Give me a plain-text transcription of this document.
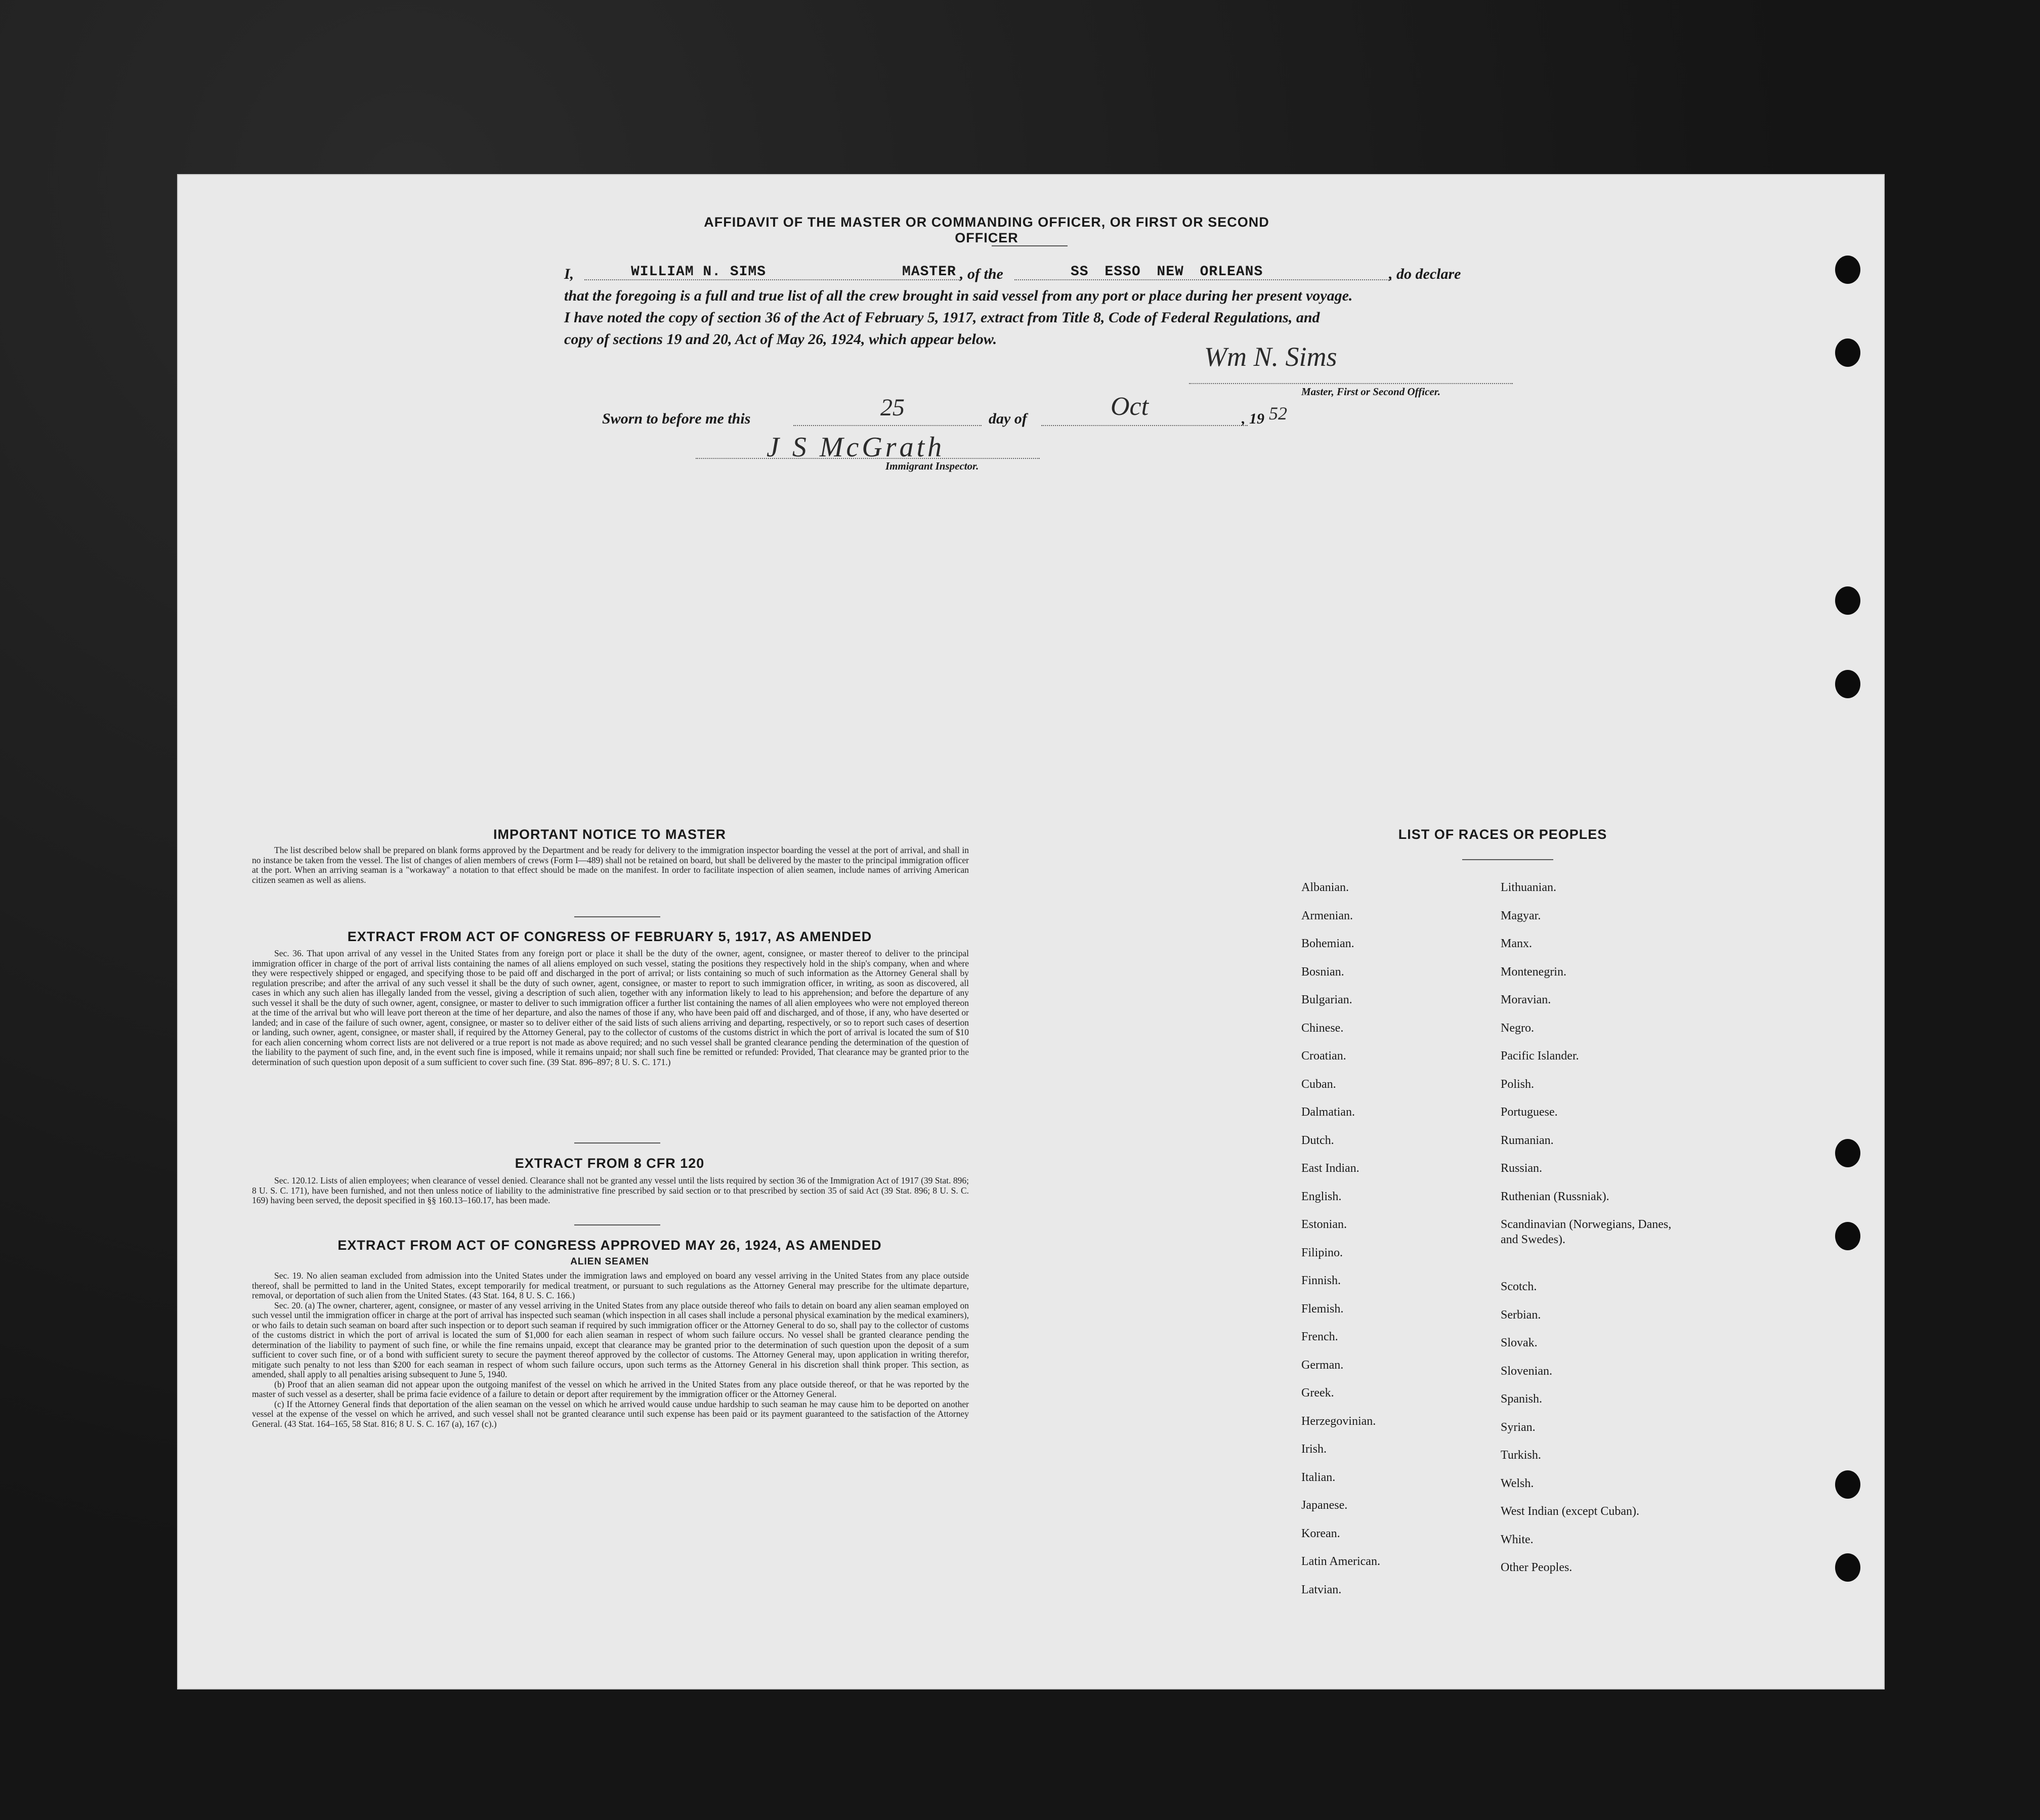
AFFIDAVIT OF THE MASTER OR COMMANDING OFFICER, OR FIRST OR SECOND OFFICER
I,	WILLIAM N. SIMS	MASTER , of the	SS ESSO NEW ORLEANS	, do declare
that the foregoing is a full and true list of all the crew brought in said vessel from any port or place during her present voyage.
I have noted the copy of section 36 of the Act of February 5, 1917, extract from Title 8, Code of Federal Regulations, and
copy of sections 19 and 20, Act of May 26, 1924, which appear below.
Wm N. Sims
Master, First or Second Officer.
Sworn to before me this	25	day of	Oct	, 19 52
J S McGrath
Immigrant Inspector.
IMPORTANT NOTICE TO MASTER
The list described below shall be prepared on blank forms approved by the Department and be ready for delivery to the immigration inspector boarding the vessel at the port of arrival, and shall in no instance be taken from the vessel. The list of changes of alien members of crews (Form I—489) shall not be retained on board, but shall be delivered by the master to the principal immigration officer at the port. When an arriving seaman is a "workaway" a notation to that effect should be made on the manifest. In order to facilitate inspection of alien seamen, include names of arriving American citizen seamen as well as aliens.
EXTRACT FROM ACT OF CONGRESS OF FEBRUARY 5, 1917, AS AMENDED
Sec. 36. That upon arrival of any vessel in the United States from any foreign port or place it shall be the duty of the owner, agent, consignee, or master thereof to deliver to the principal immigration officer in charge of the port of arrival lists containing the names of all aliens employed on such vessel, stating the positions they respectively hold in the ship's company, when and where they were respectively shipped or engaged, and specifying those to be paid off and discharged in the port of arrival; or lists containing so much of such information as the Attorney General shall by regulation prescribe; and after the arrival of any such vessel it shall be the duty of such owner, agent, consignee, or master to report to such immigration officer, in writing, as soon as discovered, all cases in which any such alien has illegally landed from the vessel, giving a description of such alien, together with any information likely to lead to his apprehension; and before the departure of any such vessel it shall be the duty of such owner, agent, consignee, or master to deliver to such immigration officer a further list containing the names of all alien employees who were not employed thereon at the time of the arrival but who will leave port thereon at the time of her departure, and also the names of those if any, who have been paid off and discharged, and of those, if any, who have deserted or landed; and in case of the failure of such owner, agent, consignee, or master so to deliver either of the said lists of such aliens arriving and departing, respectively, or so to report such cases of desertion or landing, such owner, agent, consignee, or master shall, if required by the Attorney General, pay to the collector of customs of the customs district in which the port of arrival is located the sum of $10 for each alien concerning whom correct lists are not delivered or a true report is not made as above required; and no such vessel shall be granted clearance pending the determination of the question of the liability to the payment of such fine, and, in the event such fine is imposed, while it remains unpaid; nor shall such fine be remitted or refunded: Provided, That clearance may be granted prior to the determination of such question upon deposit of a sum sufficient to cover such fine. (39 Stat. 896–897; 8 U. S. C. 171.)
EXTRACT FROM 8 CFR 120
Sec. 120.12. Lists of alien employees; when clearance of vessel denied. Clearance shall not be granted any vessel until the lists required by section 36 of the Immigration Act of 1917 (39 Stat. 896; 8 U. S. C. 171), have been furnished, and not then unless notice of liability to the administrative fine prescribed by said section or to that prescribed by section 35 of said Act (39 Stat. 896; 8 U. S. C. 169) having been served, the deposit specified in §§ 160.13–160.17, has been made.
EXTRACT FROM ACT OF CONGRESS APPROVED MAY 26, 1924, AS AMENDED
ALIEN SEAMEN
Sec. 19. No alien seaman excluded from admission into the United States under the immigration laws and employed on board any vessel arriving in the United States from any place outside thereof, shall be permitted to land in the United States, except temporarily for medical treatment, or pursuant to such regulations as the Attorney General may prescribe for the ultimate departure, removal, or deportation of such alien from the United States. (43 Stat. 164, 8 U. S. C. 166.)
Sec. 20. (a) The owner, charterer, agent, consignee, or master of any vessel arriving in the United States from any place outside thereof who fails to detain on board any alien seaman employed on such vessel until the immigration officer in charge at the port of arrival has inspected such seaman (which inspection in all cases shall include a personal physical examination by the medical examiners), or who fails to detain such seaman on board after such inspection or to deport such seaman if required by such immigration officer or the Attorney General to do so, shall pay to the collector of customs of the customs district in which the port of arrival is located the sum of $1,000 for each alien seaman in respect of whom such failure occurs. No vessel shall be granted clearance pending the determination of the liability to payment of such fine, or while the fine remains unpaid, except that clearance may be granted prior to the determination of such question upon the deposit of a sum sufficient to cover such fine, or of a bond with sufficient surety to secure the payment thereof approved by the collector of customs. The Attorney General may, upon application in writing therefor, mitigate such penalty to not less than $200 for each seaman in respect of whom such failure occurs, upon such terms as the Attorney General in his discretion shall think proper. This section, as amended, shall apply to all penalties arising subsequent to June 5, 1940.
(b) Proof that an alien seaman did not appear upon the outgoing manifest of the vessel on which he arrived in the United States from any place outside thereof, or that he was reported by the master of such vessel as a deserter, shall be prima facie evidence of a failure to detain or deport after requirement by the immigration officer or the Attorney General.
(c) If the Attorney General finds that deportation of the alien seaman on the vessel on which he arrived would cause undue hardship to such seaman he may cause him to be deported on another vessel at the expense of the vessel on which he arrived, and such vessel shall not be granted clearance until such expense has been paid or its payment guaranteed to the satisfaction of the Attorney General. (43 Stat. 164–165, 58 Stat. 816; 8 U. S. C. 167 (a), 167 (c).)
LIST OF RACES OR PEOPLES
Albanian.
Armenian.
Bohemian.
Bosnian.
Bulgarian.
Chinese.
Croatian.
Cuban.
Dalmatian.
Dutch.
East Indian.
English.
Estonian.
Filipino.
Finnish.
Flemish.
French.
German.
Greek.
Herzegovinian.
Irish.
Italian.
Japanese.
Korean.
Latin American.
Latvian.
Lithuanian.
Magyar.
Manx.
Montenegrin.
Moravian.
Negro.
Pacific Islander.
Polish.
Portuguese.
Rumanian.
Russian.
Ruthenian (Russniak).
Scandinavian (Norwegians, Danes, and Swedes).
Scotch.
Serbian.
Slovak.
Slovenian.
Spanish.
Syrian.
Turkish.
Welsh.
West Indian (except Cuban).
White.
Other Peoples.
